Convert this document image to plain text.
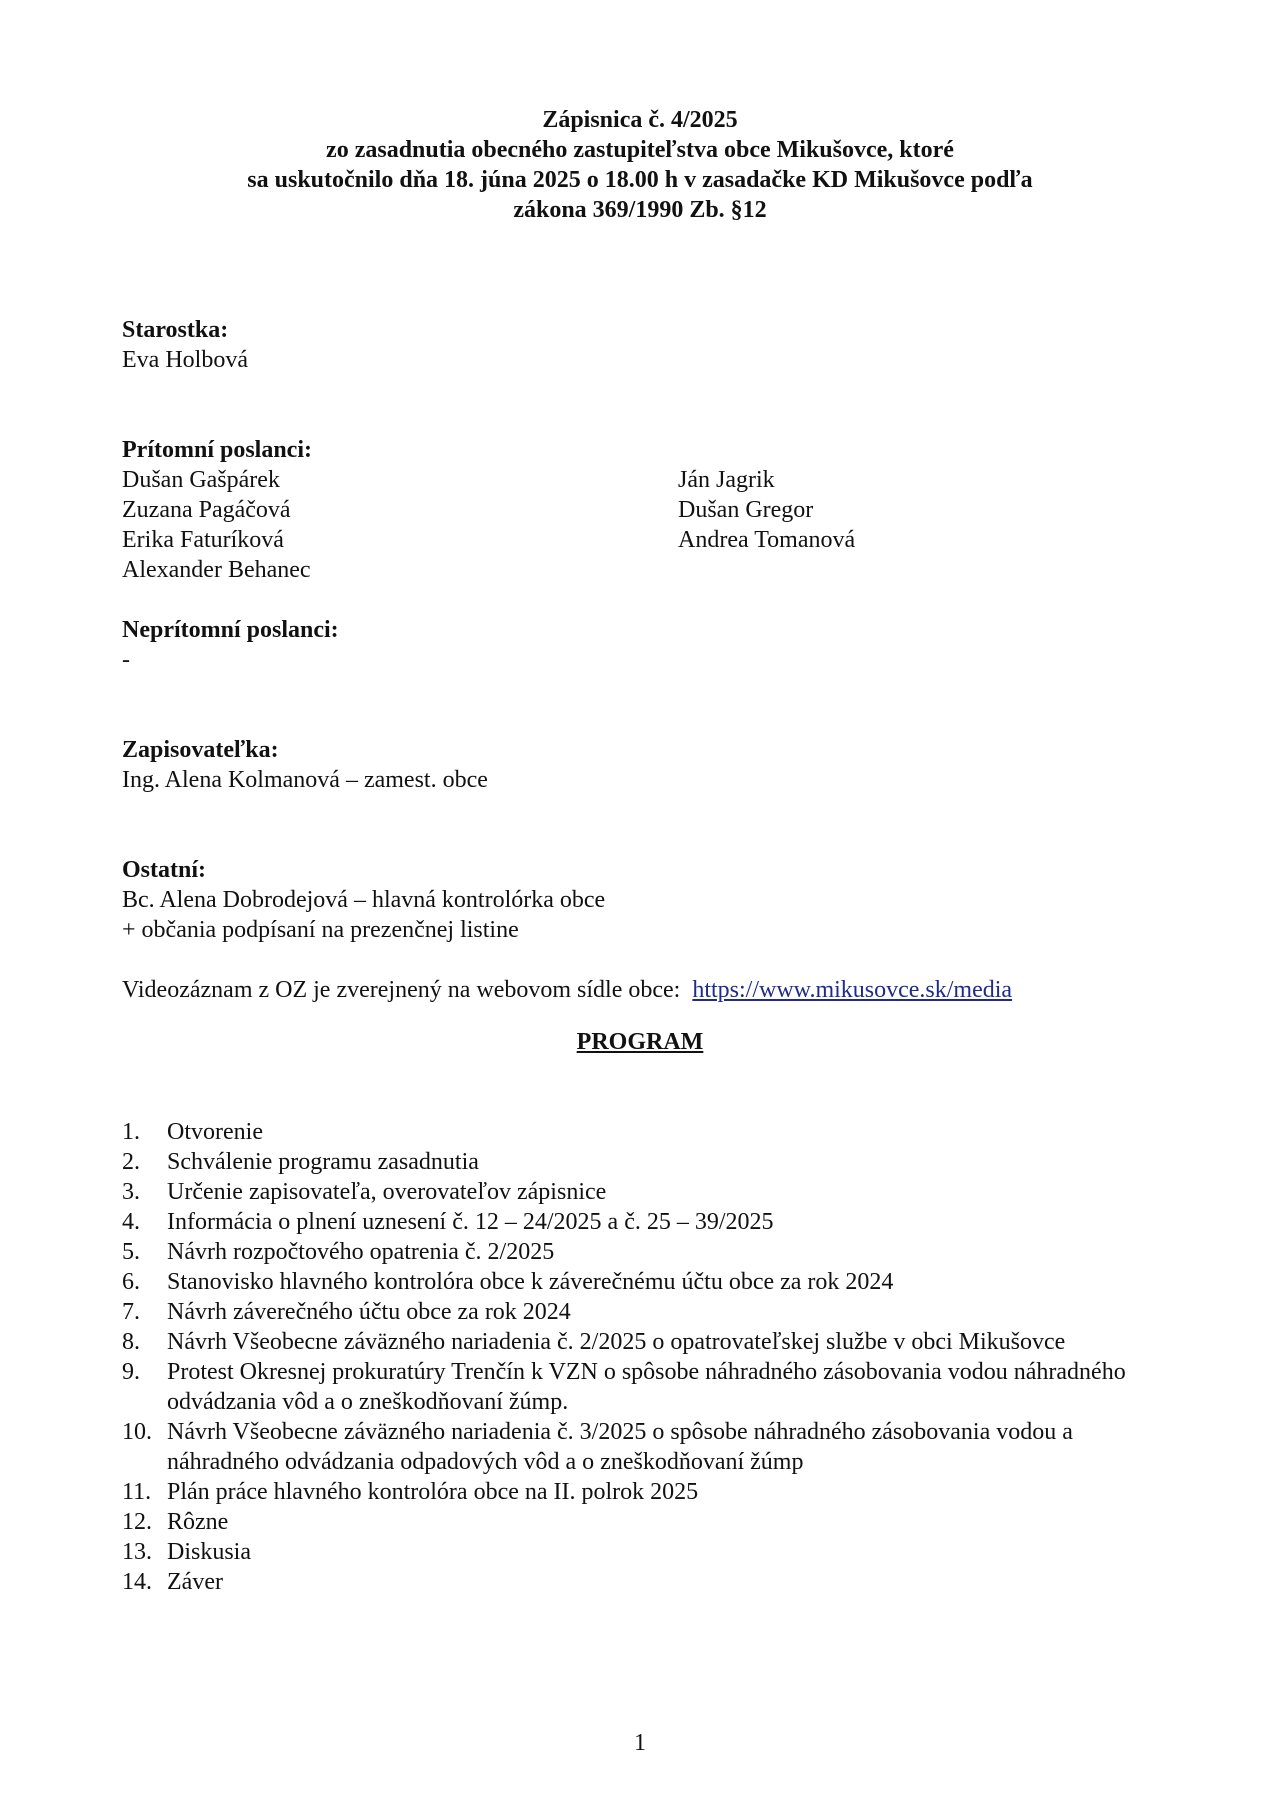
Zápisnica č. 4/2025
zo zasadnutia obecného zastupiteľstva obce Mikušovce, ktoré
sa uskutočnilo dňa 18. júna 2025 o 18.00 h v zasadačke KD Mikušovce podľa
zákona 369/1990 Zb. §12
Starostka:
Eva Holbová
Prítomní poslanci:
Dušan Gašpárek
Zuzana Pagáčová
Erika Faturíková
Alexander Behanec
Ján Jagrik
Dušan Gregor
Andrea Tomanová
Neprítomní poslanci:
-
Zapisovateľka:
Ing. Alena Kolmanová – zamest. obce
Ostatní:
Bc. Alena Dobrodejová – hlavná kontrolórka obce
+ občania podpísaní na prezenčnej listine
Videozáznam z OZ je zverejnený na webovom sídle obce: https://www.mikusovce.sk/media
PROGRAM
1.	Otvorenie
2.	Schválenie programu zasadnutia
3.	Určenie zapisovateľa, overovateľov zápisnice
4.	Informácia o plnení uznesení č. 12 – 24/2025 a č. 25 – 39/2025
5.	Návrh rozpočtového opatrenia č. 2/2025
6.	Stanovisko hlavného kontrolóra obce k záverečnému účtu obce za rok 2024
7.	Návrh záverečného účtu obce za rok 2024
8.	Návrh Všeobecne záväzného nariadenia č. 2/2025 o opatrovateľskej službe v obci Mikušovce
9.	Protest Okresnej prokuratúry Trenčín k VZN o spôsobe náhradného zásobovania vodou náhradného odvádzania vôd a o zneškodňovaní žúmp.
10. Návrh Všeobecne záväzného nariadenia č. 3/2025 o spôsobe náhradného zásobovania vodou a náhradného odvádzania odpadových vôd a o zneškodňovaní žúmp
11. Plán práce hlavného kontrolóra obce na II. polrok 2025
12. Rôzne
13. Diskusia
14. Záver
1
